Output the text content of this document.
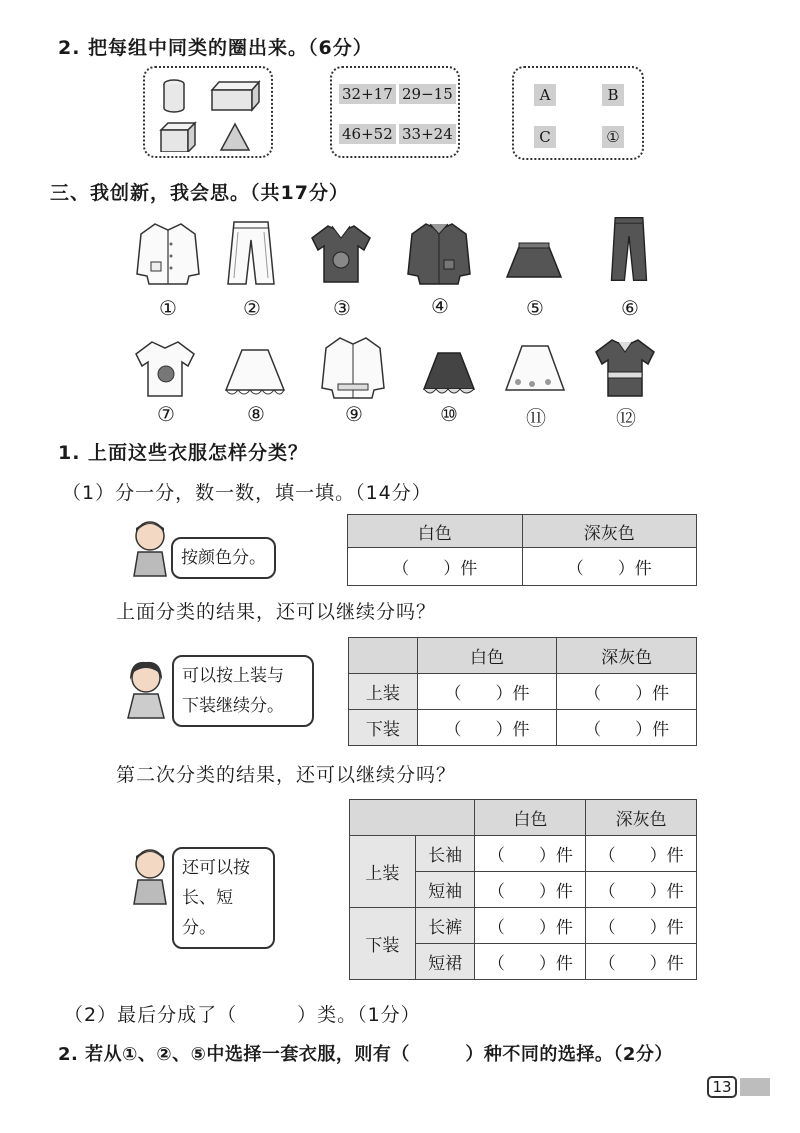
2. 把每组中同类的圈出来。（6分）
32+17 29−15
46+52 33+24
A	B
C	①
三、我创新，我会思。（共17分）
①	②	③	④	⑤	⑥
⑦	⑧	⑨	⑩	⑪	⑫
1. 上面这些衣服怎样分类？
（1）分一分，数一数，填一填。（14分）
按颜色分。
白色	深灰色
（　　）件	（　　）件
上面分类的结果，还可以继续分吗？
可以按上装与
下装继续分。
	白色	深灰色
上装	（　　）件	（　　）件
下装	（　　）件	（　　）件
第二次分类的结果，还可以继续分吗？
还可以按
长、短分。
		白色	深灰色
上装	长袖	（　　）件	（　　）件
	短袖	（　　）件	（　　）件
下装	长裤	（　　）件	（　　）件
	短裙	（　　）件	（　　）件
（2）最后分成了（　　　）类。（1分）
2. 若从①、②、⑤中选择一套衣服，则有（　　　）种不同的选择。（2分）
13
